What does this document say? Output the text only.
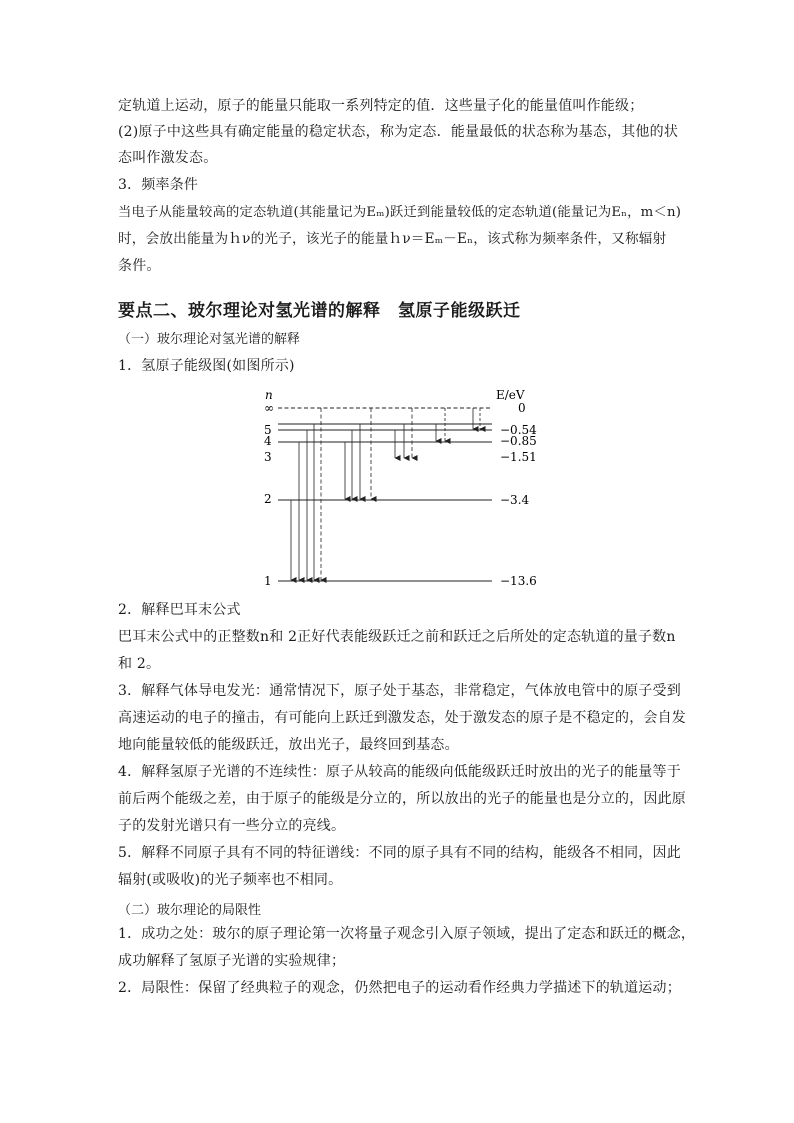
定轨道上运动，原子的能量只能取一系列特定的值．这些量子化的能量值叫作能级；
(2)原子中这些具有确定能量的稳定状态，称为定态．能量最低的状态称为基态，其他的状
态叫作激发态。
3．频率条件
当电子从能量较高的定态轨道(其能量记为Eₘ)跃迁到能量较低的定态轨道(能量记为Eₙ，m＜n)
时，会放出能量为ｈν的光子，该光子的能量ｈν＝Eₘ－Eₙ，该式称为频率条件，又称辐射
条件。
要点二、玻尔理论对氢光谱的解释　氢原子能级跃迁
（一）玻尔理论对氢光谱的解释
1．氢原子能级图(如图所示)
n	E/eV
∞
5
4
3
2
1
0
−0.54
−0.85
−1.51
−3.4
−13.6
2．解释巴耳末公式
巴耳末公式中的正整数n和 2正好代表能级跃迁之前和跃迁之后所处的定态轨道的量子数n
和 2。
3．解释气体导电发光：通常情况下，原子处于基态，非常稳定，气体放电管中的原子受到
高速运动的电子的撞击，有可能向上跃迁到激发态，处于激发态的原子是不稳定的，会自发
地向能量较低的能级跃迁，放出光子，最终回到基态。
4．解释氢原子光谱的不连续性：原子从较高的能级向低能级跃迁时放出的光子的能量等于
前后两个能级之差，由于原子的能级是分立的，所以放出的光子的能量也是分立的，因此原
子的发射光谱只有一些分立的亮线。
5．解释不同原子具有不同的特征谱线：不同的原子具有不同的结构，能级各不相同，因此
辐射(或吸收)的光子频率也不相同。
（二）玻尔理论的局限性
1．成功之处：玻尔的原子理论第一次将量子观念引入原子领域，提出了定态和跃迁的概念，
成功解释了氢原子光谱的实验规律；
2．局限性：保留了经典粒子的观念，仍然把电子的运动看作经典力学描述下的轨道运动；
